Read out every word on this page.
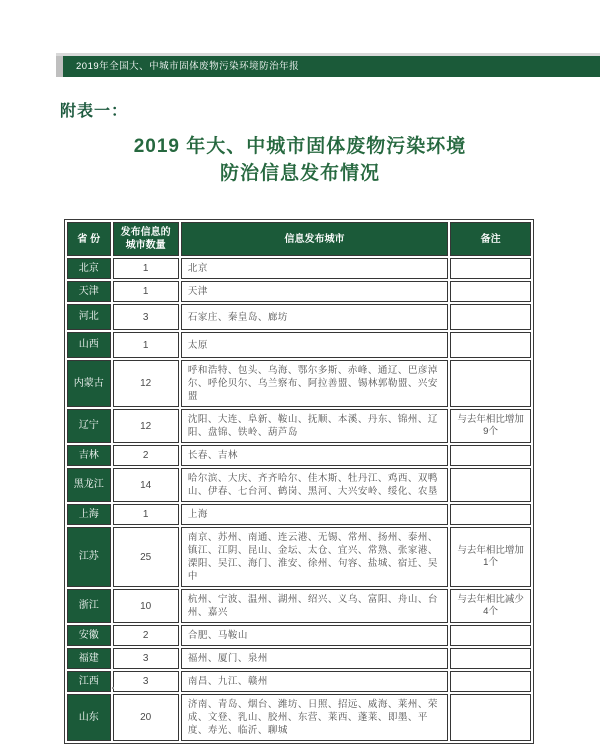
2019年全国大、中城市固体废物污染环境防治年报
附表一：
2019 年大、中城市固体废物污染环境
防治信息发布情况
省 份	发布信息的城市数量	信息发布城市	备注
北京	1	北京	
天津	1	天津	
河北	3	石家庄、秦皇岛、廊坊	
山西	1	太原	
内蒙古	12	呼和浩特、包头、乌海、鄂尔多斯、赤峰、通辽、巴彦淖尔、呼伦贝尔、乌兰察布、阿拉善盟、锡林郭勒盟、兴安盟	
辽宁	12	沈阳、大连、阜新、鞍山、抚顺、本溪、丹东、锦州、辽阳、盘锦、铁岭、葫芦岛	与去年相比增加9个
吉林	2	长春、吉林	
黑龙江	14	哈尔滨、大庆、齐齐哈尔、佳木斯、牡丹江、鸡西、双鸭山、伊春、七台河、鹤岗、黑河、大兴安岭、绥化、农垦	
上海	1	上海	
江苏	25	南京、苏州、南通、连云港、无锡、常州、扬州、泰州、镇江、江阴、昆山、金坛、太仓、宜兴、常熟、张家港、溧阳、吴江、海门、淮安、徐州、句容、盐城、宿迁、吴中	与去年相比增加1个
浙江	10	杭州、宁波、温州、湖州、绍兴、义乌、富阳、舟山、台州、嘉兴	与去年相比减少4个
安徽	2	合肥、马鞍山	
福建	3	福州、厦门、泉州	
江西	3	南昌、九江、赣州	
山东	20	济南、青岛、烟台、潍坊、日照、招远、威海、莱州、荣成、文登、乳山、胶州、东营、莱西、蓬莱、即墨、平度、寿光、临沂、聊城	
